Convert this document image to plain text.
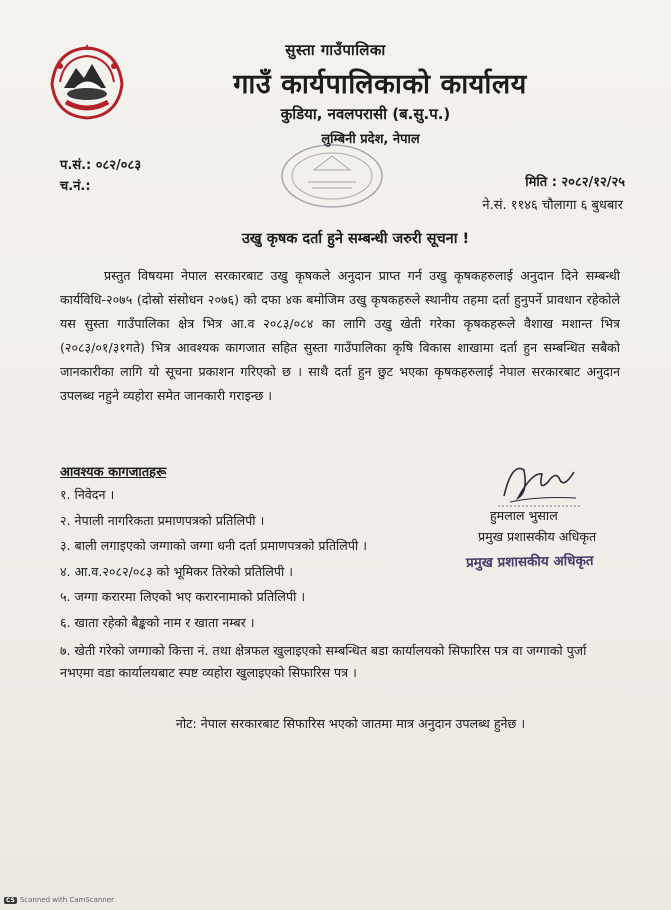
सुस्ता गाउँपालिका
गाउँ कार्यपालिकाको कार्यालय
कुडिया, नवलपरासी (ब.सु.प.)
लुम्बिनी प्रदेश, नेपाल
प.सं.: ०८२/०८३
च.नं.:	मिति : २०८२/१२/२५
ने.सं. ११४६ चौलागा ६ बुधबार
उखु कृषक दर्ता हुने सम्बन्धी जरुरी सूचना !

प्रस्तुत विषयमा नेपाल सरकारबाट उखु कृषकले अनुदान प्राप्त गर्न उखु कृषकहरुलाई अनुदान दिने सम्बन्धी कार्यविधि-२०७५ (दोस्रो संसोधन २०७६) को दफा ४क बमोजिम उखु कृषकहरुले स्थानीय तहमा दर्ता हुनुपर्ने प्रावधान रहेकोले यस सुस्ता गाउँपालिका क्षेत्र भित्र आ.व २०८३/०८४ का लागि उखु खेती गरेका कृषकहरूले वैशाख मशान्त भित्र (२०८३/०१/३१गते) भित्र आवश्यक कागजात सहित सुस्ता गाउँपालिका कृषि विकास शाखामा दर्ता हुन सम्बन्धित सबैको जानकारीका लागि यो सूचना प्रकाशन गरिएको छ । साथै दर्ता हुन छुट भएका कृषकहरुलाई नेपाल सरकारबाट अनुदान उपलब्ध नहुने व्यहोरा समेत जानकारी गराइन्छ ।

आवश्यक कागजातहरू
१. निवेदन ।
२. नेपाली नागरिकता प्रमाणपत्रको प्रतिलिपी ।
३. बाली लगाइएको जग्गाको जग्गा धनी दर्ता प्रमाणपत्रको प्रतिलिपी ।
४. आ.व.२०८२/०८३ को भूमिकर तिरेको प्रतिलिपी ।
५. जग्गा करारमा लिएको भए करारनामाको प्रतिलिपी ।
६. खाता रहेको बैङ्कको नाम र खाता नम्बर ।
७. खेती गरेको जग्गाको कित्ता नं. तथा क्षेत्रफल खुलाइएको सम्बन्धित बडा कार्यालयको सिफारिस पत्र वा जग्गाको पुर्जा नभएमा वडा कार्यालयबाट स्पष्ट व्यहोरा खुलाइएको सिफारिस पत्र ।
हुमलाल भुसाल
प्रमुख प्रशासकीय अधिकृत
प्रमुख प्रशासकीय अधिकृत
नोट: नेपाल सरकारबाट सिफारिस भएको जातमा मात्र अनुदान उपलब्ध हुनेछ ।
CS Scanned with CamScanner
